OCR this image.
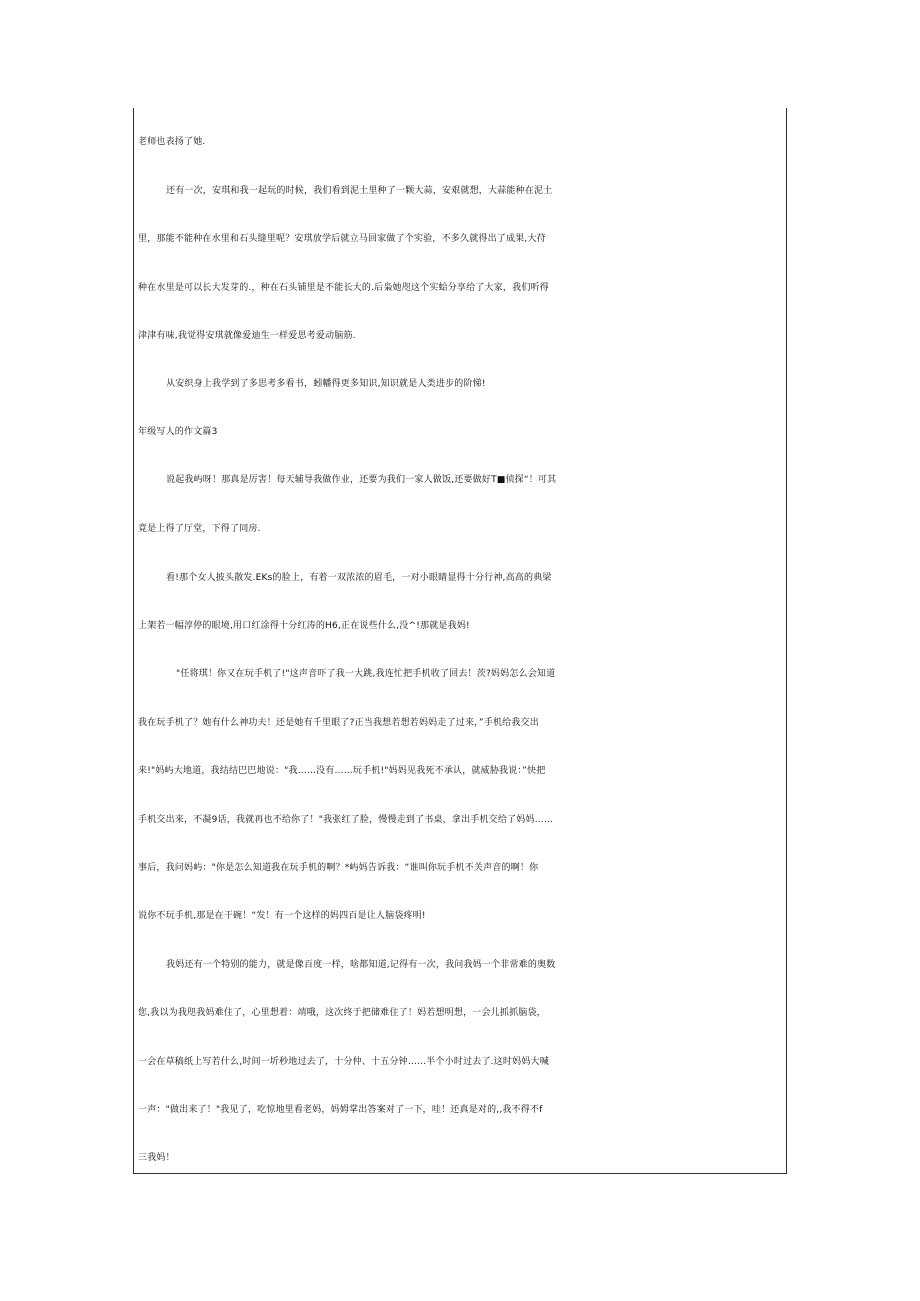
老师也表扬了她.
还有一次，安琪和我一起玩的时候，我们看到泥土里种了一颗大蒜，安艰就想，大蒜能种在泥土
里，那能不能种在水里和石头缝里呢？安琪放学后就立马回家做了个实验，不多久就得出了成果,大苻
种在水里是可以长大发芽的.，种在石头铺里是不能长大的.后枭她咫这个实蛤分享给了大家，我们听得
津津有味,我觉得安琪就像爱迪生一样爱思考爱动脑筋.
从安织身上我学到了多思考多看书，蚓幡得更多知识,知识就是人类进步的阶悌!
年级写人的作文篇3
说起我屿呀！那真是厉害！每天辅导我做作业，还要为我们一家人做饭,还要做好T■侦探“！可其
竟是上得了厅堂，下得了同房.
看!那个女人披头散发.EKs的脸上，有着一双浓浓的眉毛，一对小眼睛显得十分行神,高高的典梁
上架若一幅淳停的眼境,用口红涂得十分红涛的H6,正在说些什么,没^!那就是我妈!
"任将琪！你又在玩手机了!"这声音吓了我一大跳,我连忙把手机收了回去！茨?妈妈怎么会知道
我在玩手机了？她有什么神功夫！还是她有千里眼了?正当我想若想若妈妈走了过来，”手机给我交出
来!"妈屿大地道，我结结巴巴地说："我……没有……玩手机!"妈妈见我死不承认，就威胁我说：”快把
手机交出来，不凝9话，我就再也不给你了！"我张红了脸，慢慢走到了书桌，拿出手机交给了妈妈……
事后，我问妈屿："你是怎么知道我在玩手机的啊？*屿妈告诉我：“谁叫你玩手机不关声音的啊！你
说你不玩手机,那是在干碗！“发！有一个这样的妈四百是让人脑袋疼明!
我妈还有一个特别的能力，就是像百度一样，啥都知道,记得有一次，我问我妈一个非常难的奥数
您,我以为我咫我妈难住了，心里想着：靖哦，这次终于把储难住了！妈若想明想，一会儿抓抓脑袋，
一会在草稿纸上写若什么,时间一圻秒地过去了，十分仲、十五分钟……半个小时过去了.这时妈妈大喊
一声："做出来了！"我见了，吃惊地里看老妈，妈姆掌出答案对了一下，哇！还真是对的,,我不得不f
三我妈！
